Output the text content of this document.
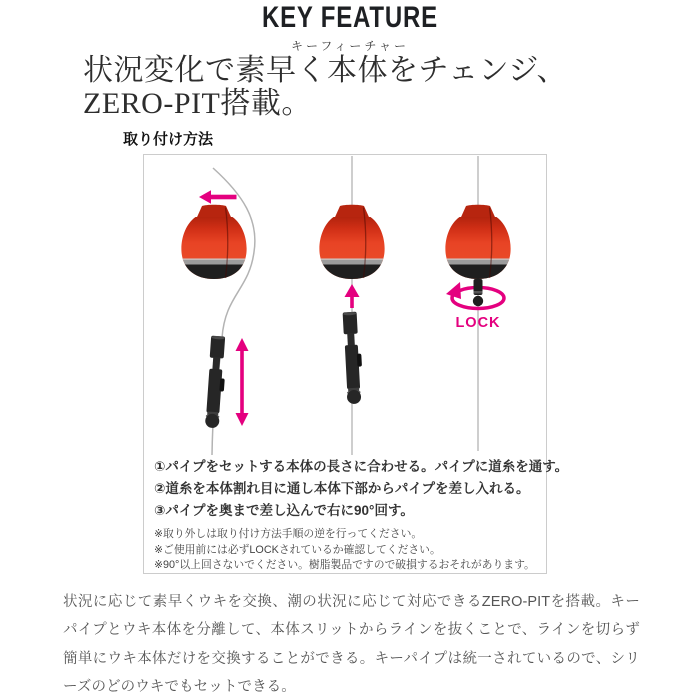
KEY FEATURE
キーフィーチャー
状況変化で素早く本体をチェンジ、
ZERO-PIT搭載。
取り付け方法
LOCK
①パイプをセットする本体の長さに合わせる。パイプに道糸を通す。
②道糸を本体割れ目に通し本体下部からパイプを差し入れる。
③パイプを奥まで差し込んで右に90°回す。
※取り外しは取り付け方法手順の逆を行ってください。
※ご使用前には必ずLOCKされているか確認してください。
※90°以上回さないでください。樹脂製品ですので破損するおそれがあります。
状況に応じて素早くウキを交換、潮の状況に応じて対応できるZERO-PITを搭載。キーパイプとウキ本体を分離して、本体スリットからラインを抜くことで、ラインを切らず簡単にウキ本体だけを交換することができる。キーパイプは統一されているので、シリーズのどのウキでもセットできる。
